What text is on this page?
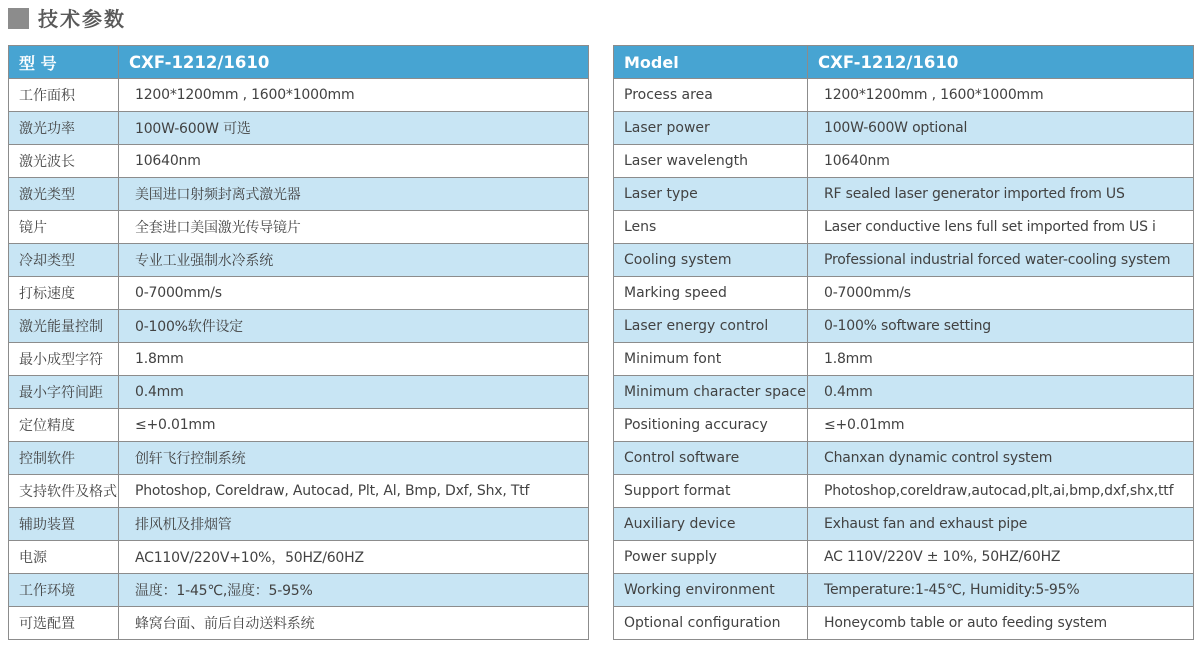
技术参数
型 号	CXF-1212/1610
工作面积	1200*1200mm , 1600*1000mm
激光功率	100W-600W 可选
激光波长	10640nm
激光类型	美国进口射频封离式激光器
镜片	全套进口美国激光传导镜片
冷却类型	专业工业强制水冷系统
打标速度	0-7000mm/s
激光能量控制	0-100%软件设定
最小成型字符	1.8mm
最小字符间距	0.4mm
定位精度	≤+0.01mm
控制软件	创轩飞行控制系统
支持软件及格式	Photoshop, Coreldraw, Autocad, Plt, Al, Bmp, Dxf, Shx, Ttf
辅助装置	排风机及排烟管
电源	AC110V/220V+10%，50HZ/60HZ
工作环境	温度：1-45℃,湿度：5-95%
可选配置	蜂窝台面、前后自动送料系统
Model	CXF-1212/1610
Process area	1200*1200mm , 1600*1000mm
Laser power	100W-600W optional
Laser wavelength	10640nm
Laser type	RF sealed laser generator imported from US
Lens	Laser conductive lens full set imported from US i
Cooling system	Professional industrial forced water-cooling system
Marking speed	0-7000mm/s
Laser energy control	0-100% software setting
Minimum font	1.8mm
Minimum character space	0.4mm
Positioning accuracy	≤+0.01mm
Control software	Chanxan dynamic control system
Support format	Photoshop,coreldraw,autocad,plt,ai,bmp,dxf,shx,ttf
Auxiliary device	Exhaust fan and exhaust pipe
Power supply	AC 110V/220V ± 10%, 50HZ/60HZ
Working environment	Temperature:1-45℃, Humidity:5-95%
Optional configuration	Honeycomb table or auto feeding system
